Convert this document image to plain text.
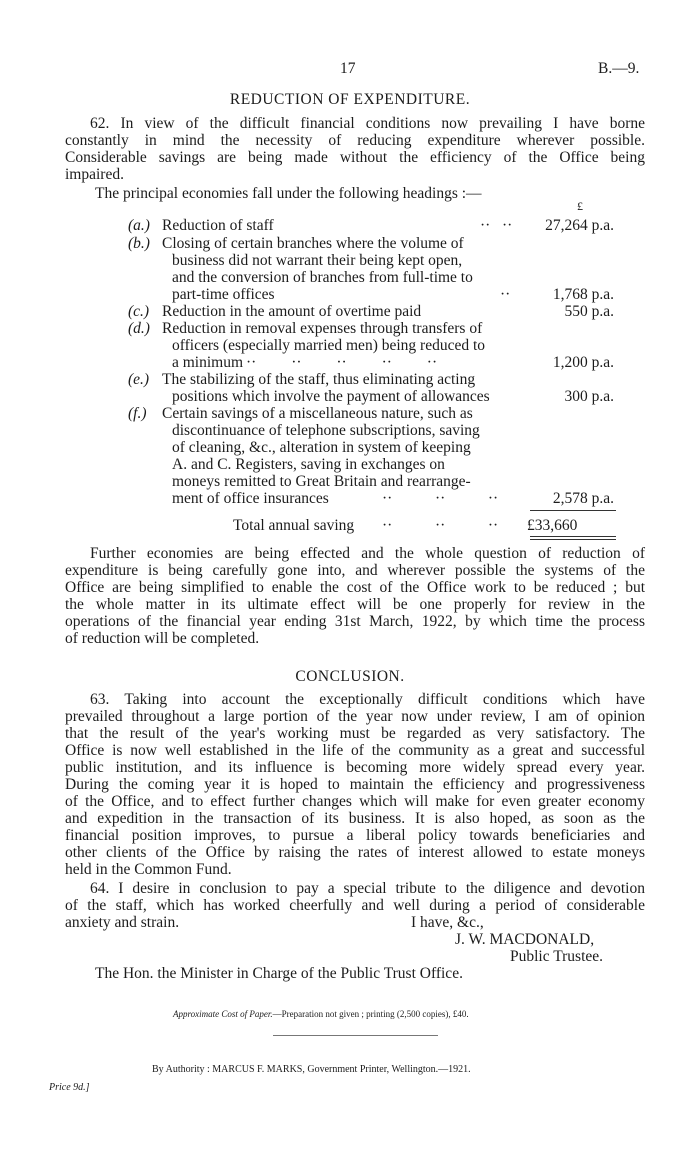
17	B.—9.
REDUCTION OF EXPENDITURE.
62. In view of the difficult financial conditions now prevailing I have borne
constantly in mind the necessity of reducing expenditure wherever possible.
Considerable savings are being made without the efficiency of the Office being
impaired.
The principal economies fall under the following headings :—
£
(a.) Reduction of staff	··   ·· 27,264 p.a.
(b.) Closing of certain branches where the volume of
business did not warrant their being kept open,
and the conversion of branches from full-time to
part-time offices	··	1,768 p.a.
(c.) Reduction in the amount of overtime paid	550 p.a.
(d.) Reduction in removal expenses through transfers of
officers (especially married men) being reduced to
a minimum ··         ··         ··         ··         ··	1,200 p.a.
(e.) The stabilizing of the staff, thus eliminating acting
positions which involve the payment of allowances	300 p.a.
(f.) Certain savings of a miscellaneous nature, such as
discontinuance of telephone subscriptions, saving
of cleaning, &c., alteration in system of keeping
A. and C. Registers, saving in exchanges on
moneys remitted to Great Britain and rearrange-
ment of office insurances	··           ··           ··	2,578 p.a.
Total annual saving ··           ··           ·· £33,660
Further economies are being effected and the whole question of reduction of
expenditure is being carefully gone into, and wherever possible the systems of the
Office are being simplified to enable the cost of the Office work to be reduced ; but
the whole matter in its ultimate effect will be one properly for review in the
operations of the financial year ending 31st March, 1922, by which time the process
of reduction will be completed.
CONCLUSION.
63. Taking into account the exceptionally difficult conditions which have
prevailed throughout a large portion of the year now under review, I am of opinion
that the result of the year's working must be regarded as very satisfactory. The
Office is now well established in the life of the community as a great and successful
public institution, and its influence is becoming more widely spread every year.
During the coming year it is hoped to maintain the efficiency and progressiveness
of the Office, and to effect further changes which will make for even greater economy
and expedition in the transaction of its business. It is also hoped, as soon as the
financial position improves, to pursue a liberal policy towards beneficiaries and
other clients of the Office by raising the rates of interest allowed to estate moneys
held in the Common Fund.
64. I desire in conclusion to pay a special tribute to the diligence and devotion
of the staff, which has worked cheerfully and well during a period of considerable
anxiety and strain.	I have, &c.,
J. W. MACDONALD,
Public Trustee.
The Hon. the Minister in Charge of the Public Trust Office.
Approximate Cost of Paper.—Preparation not given ; printing (2,500 copies), £40.
By Authority : MARCUS F. MARKS, Government Printer, Wellington.—1921.
Price 9d.]
